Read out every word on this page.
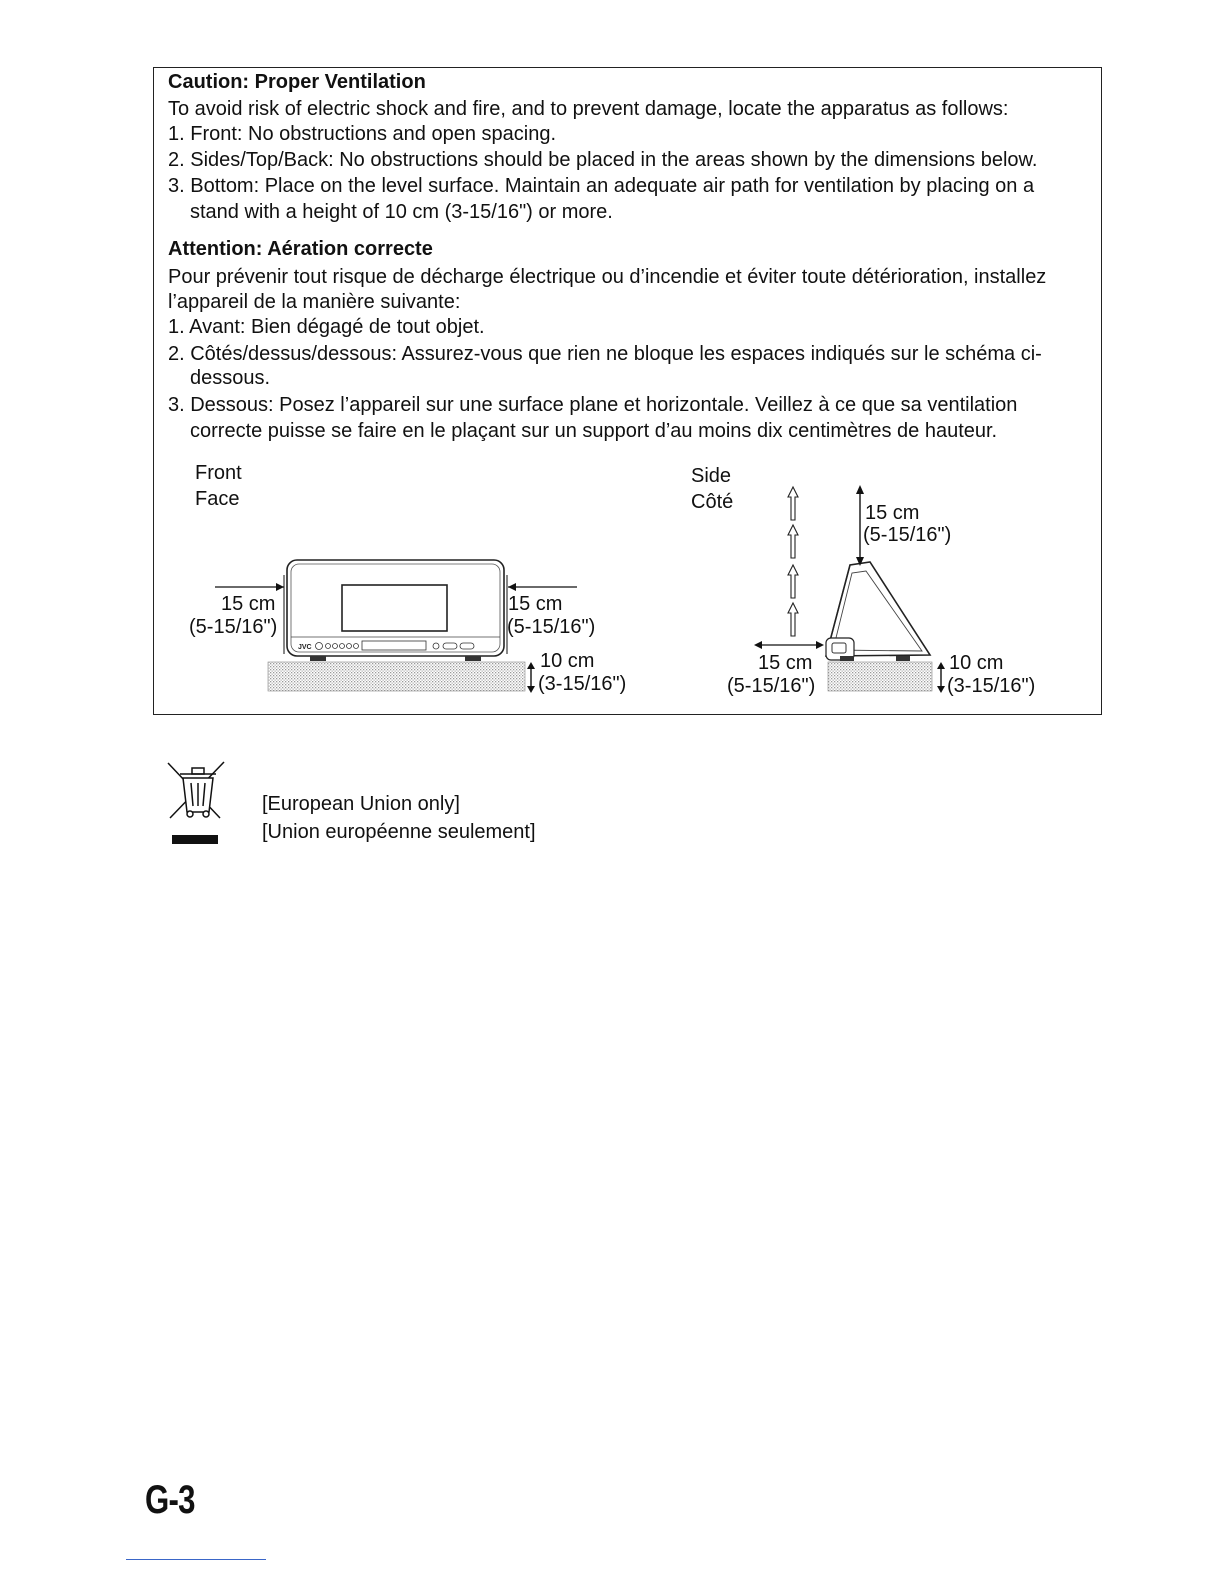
Caution: Proper Ventilation
To avoid risk of electric shock and fire, and to prevent damage, locate the apparatus as follows:
1. Front: No obstructions and open spacing.
2. Sides/Top/Back: No obstructions should be placed in the areas shown by the dimensions below.
3. Bottom: Place on the level surface. Maintain an adequate air path for ventilation by placing on a
stand with a height of 10 cm (3-15/16") or more.
Attention: Aération correcte
Pour prévenir tout risque de décharge électrique ou d’incendie et éviter toute détérioration, installez
l’appareil de la manière suivante:
1. Avant: Bien dégagé de tout objet.
2. Côtés/dessus/dessous: Assurez-vous que rien ne bloque les espaces indiqués sur le schéma ci-
dessous.
3. Dessous: Posez l’appareil sur une surface plane et horizontale. Veillez à ce que sa ventilation
correcte puisse se faire en le plaçant sur un support d’au moins dix centimètres de hauteur.
JVC
Front
Face
15 cm
(5-15/16")
15 cm
(5-15/16")
10 cm
(3-15/16")
Side
Côté	15 cm
(5-15/16")
15 cm
(5-15/16")
10 cm
(3-15/16")
[European Union only]
[Union européenne seulement]
G-3
